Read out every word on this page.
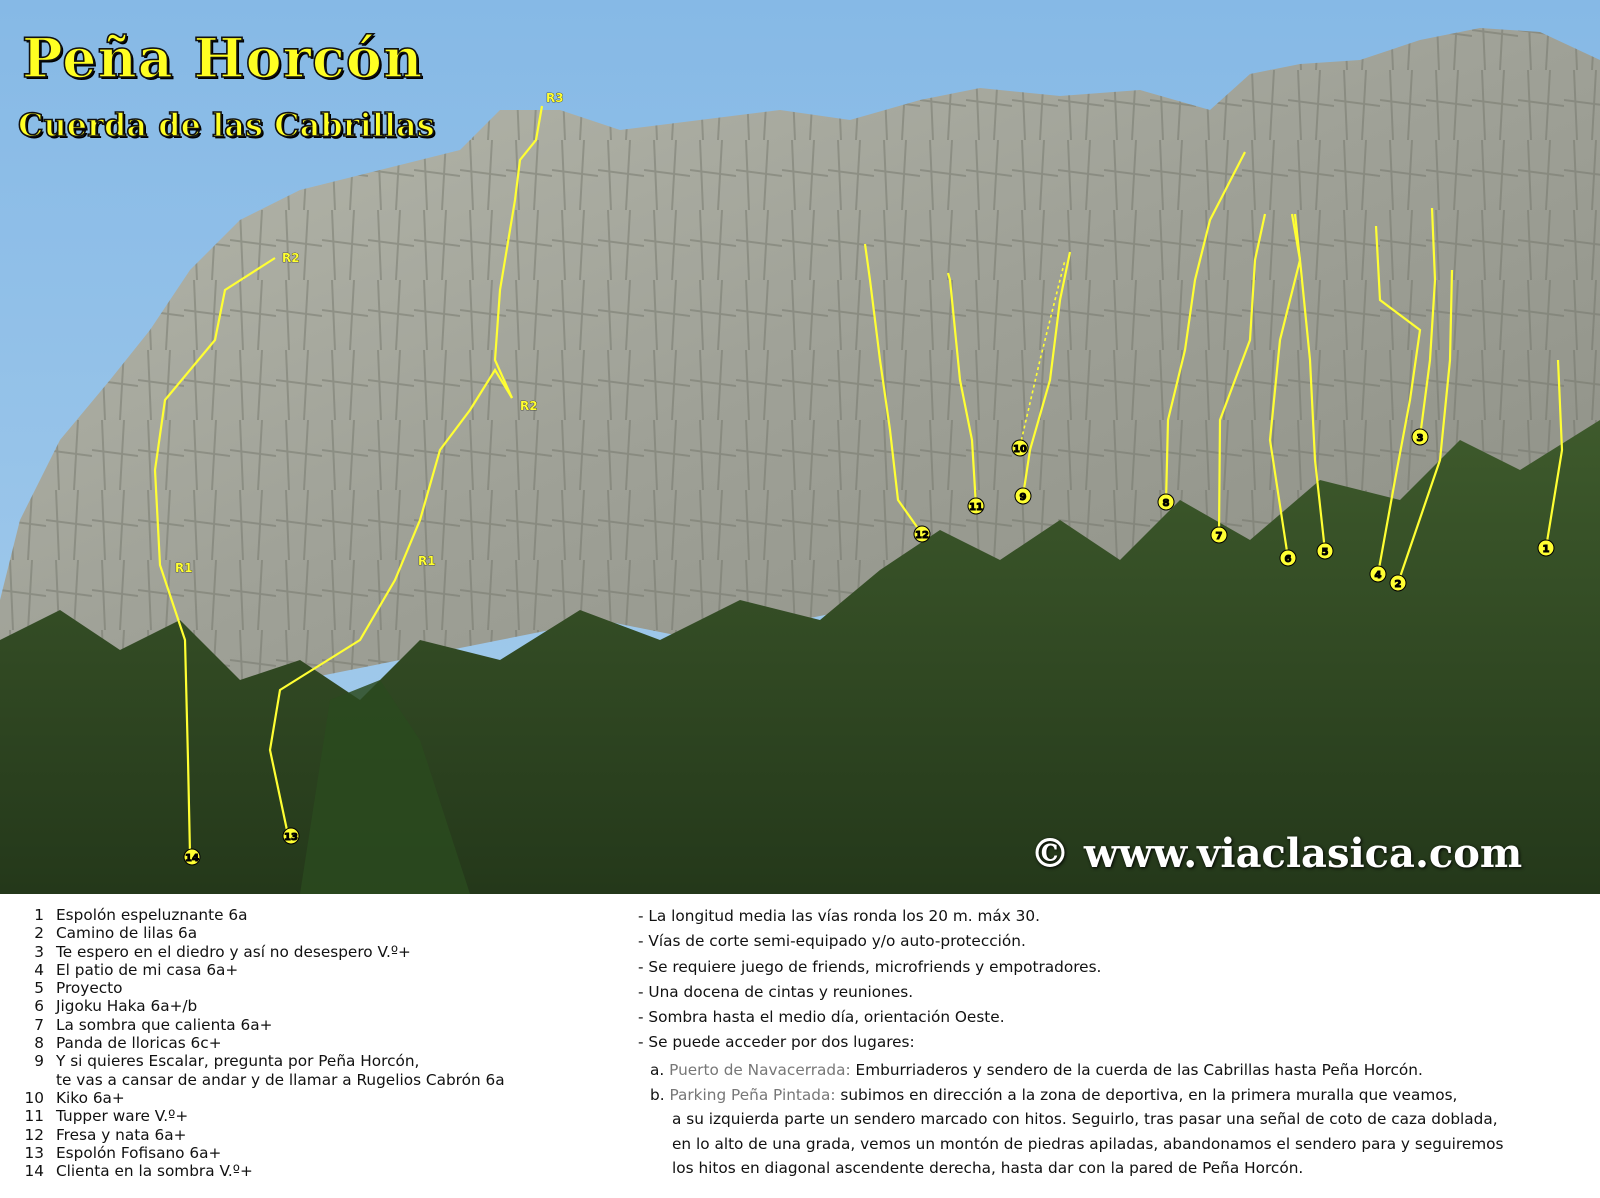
R1
R2
R3
R1
R2
1
2
3
4
5
6
7
8
9
10
11
12
13
14
Peña Horcón
Cuerda de las Cabrillas
© www.viaclasica.com
1 Espolón espeluznante 6a
2 Camino de lilas 6a
3 Te espero en el diedro y así no desespero V.º+
4 El patio de mi casa 6a+
5 Proyecto
6 Jigoku Haka 6a+/b
7 La sombra que calienta 6a+
8 Panda de lloricas 6c+
9 Y si quieres Escalar, pregunta por Peña Horcón,
te vas a cansar de andar y de llamar a Rugelios Cabrón 6a
10 Kiko 6a+
11 Tupper ware V.º+
12 Fresa y nata 6a+
13 Espolón Fofisano 6a+
14 Clienta en la sombra V.º+
- La longitud media las vías ronda los 20 m. máx 30.
- Vías de corte semi-equipado y/o auto-protección.
- Se requiere juego de friends, microfriends y empotradores.
- Una docena de cintas y reuniones.
- Sombra hasta el medio día, orientación Oeste.
- Se puede acceder por dos lugares:
a. Puerto de Navacerrada: Emburriaderos y sendero de la cuerda de las Cabrillas hasta Peña Horcón.
b. Parking Peña Pintada: subimos en dirección a la zona de deportiva, en la primera muralla que veamos,
a su izquierda parte un sendero marcado con hitos. Seguirlo, tras pasar una señal de coto de caza doblada,
en lo alto de una grada, vemos un montón de piedras apiladas, abandonamos el sendero para y seguiremos
los hitos en diagonal ascendente derecha, hasta dar con la pared de Peña Horcón.
